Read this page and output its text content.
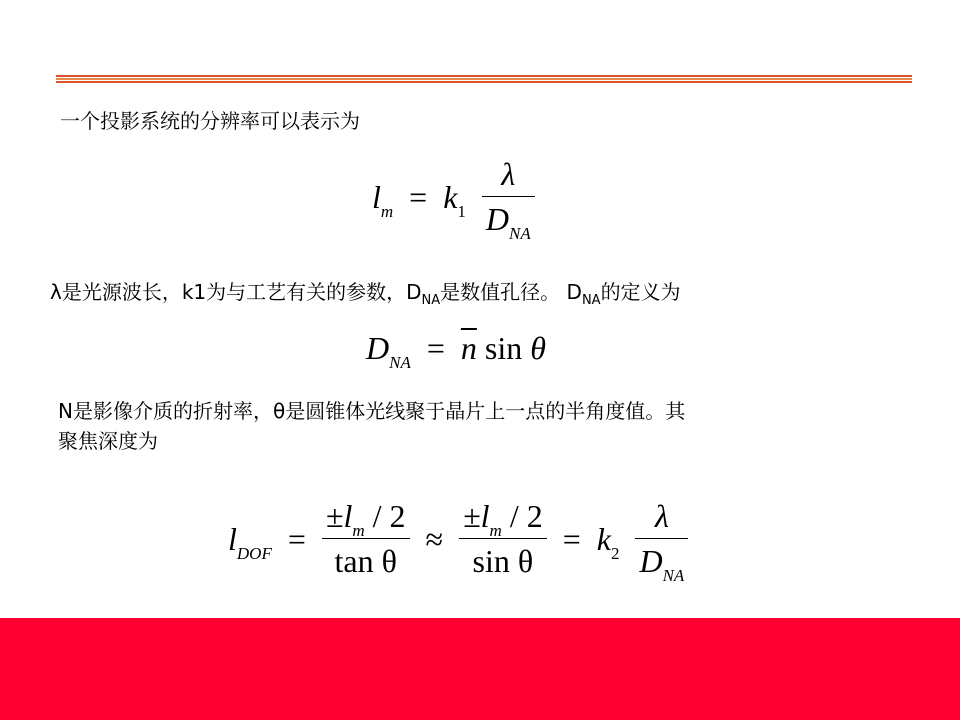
一个投影系统的分辨率可以表示为
$l_m = k_1 \frac{\lambda}{D_{NA}}$
λ是光源波长，k1为与工艺有关的参数，$D_{NA}$是数值孔径。 $D_{NA}$的定义为
$D_{NA} = \overline{n}$ sin θ
N是影像介质的折射率，θ是圆锥体光线聚于晶片上一点的半角度值。其
聚焦深度为
$l_{DOF} = \frac{\pm l_m / 2}{\text{tan θ}} \approx \frac{\pm l_m / 2}{\text{sin θ}} = k_2 \frac{\lambda}{D_{NA}}$
